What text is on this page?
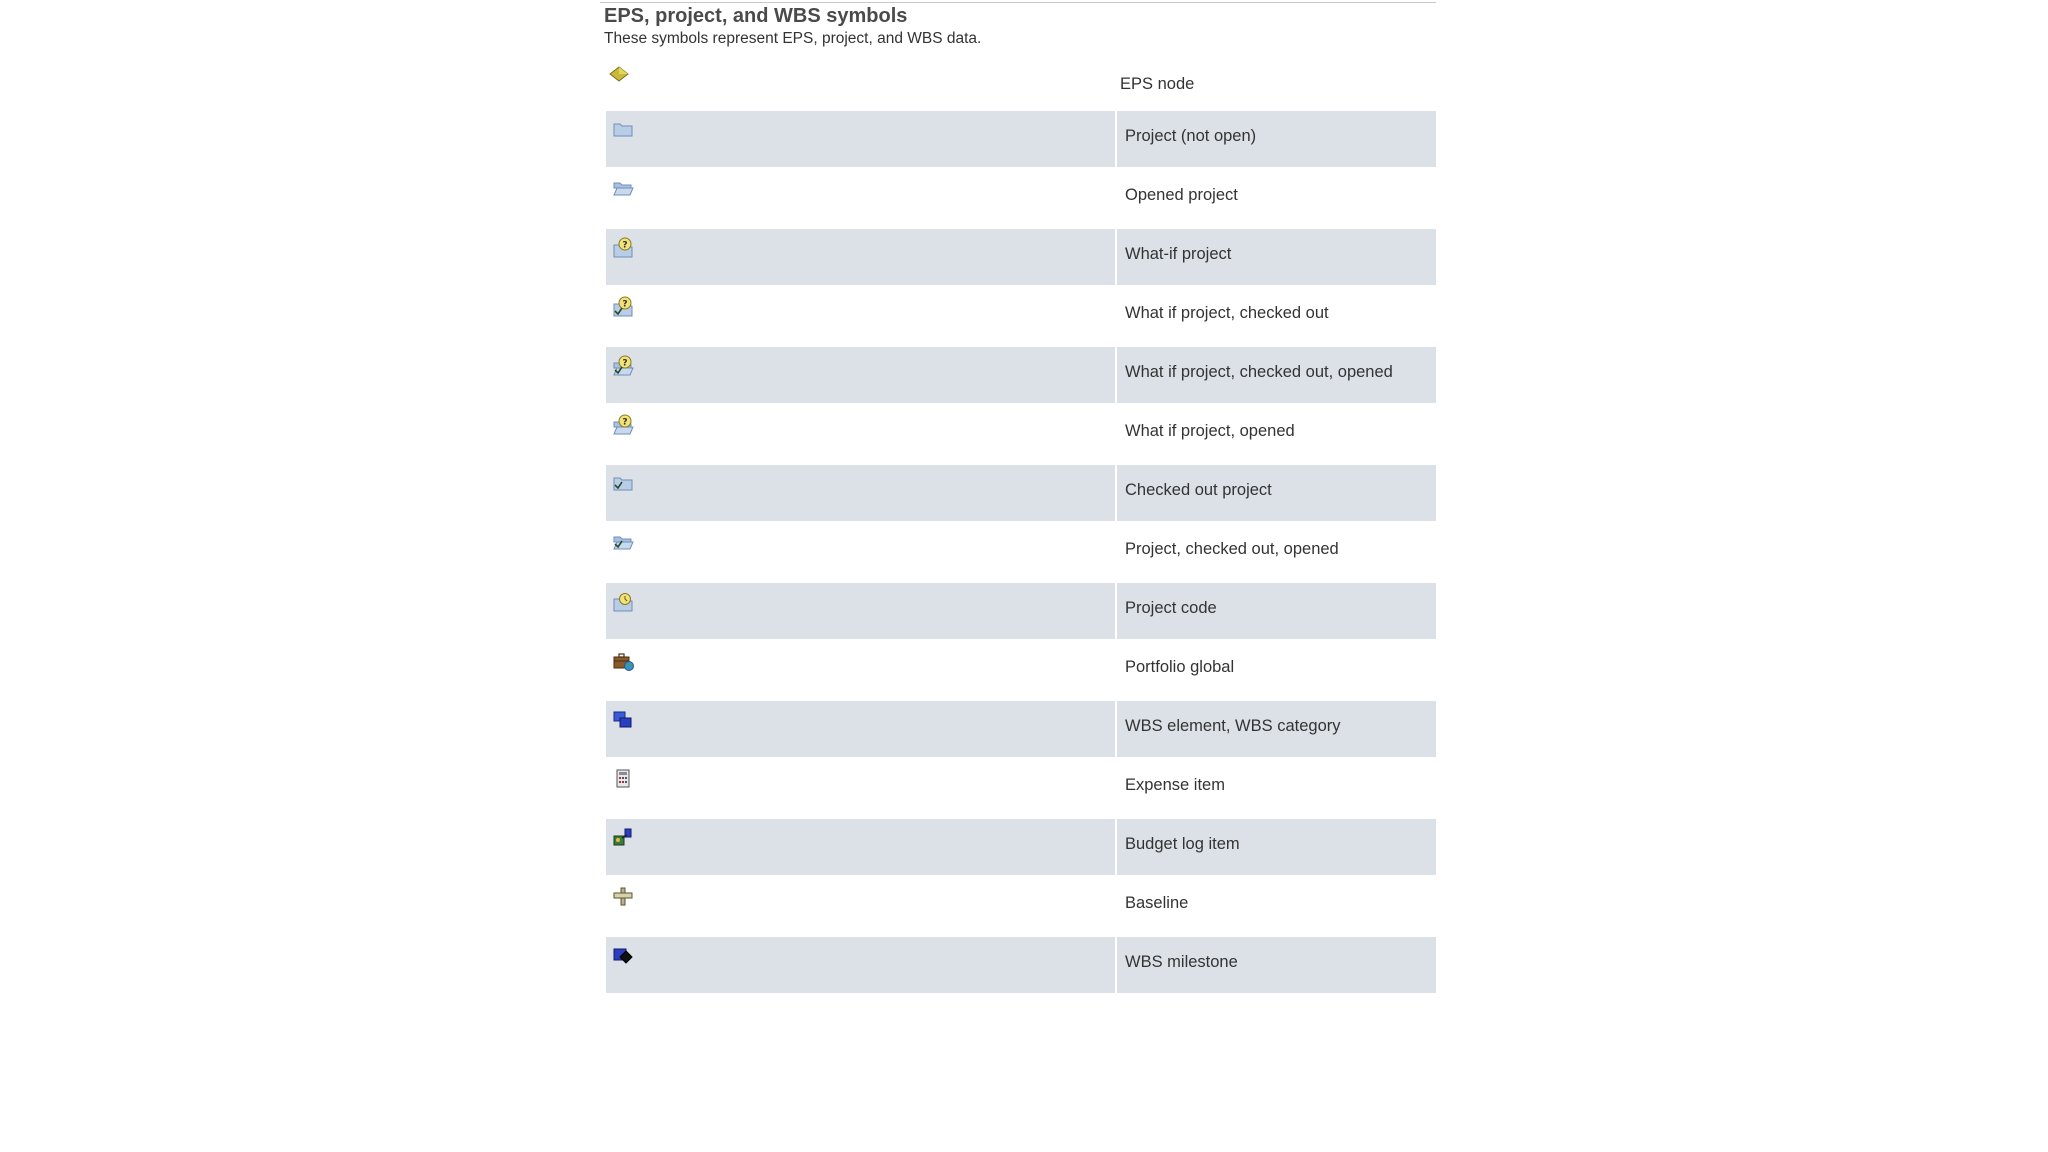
EPS, project, and WBS symbols
These symbols represent EPS, project, and WBS data.
EPS node
Project (not open)
Opened project
?	What-if project
?	What if project, checked out
?	What if project, checked out, opened
?	What if project, opened
Checked out project
Project, checked out, opened
Project code
Portfolio global
WBS element, WBS category
Expense item
Budget log item
Baseline
WBS milestone
